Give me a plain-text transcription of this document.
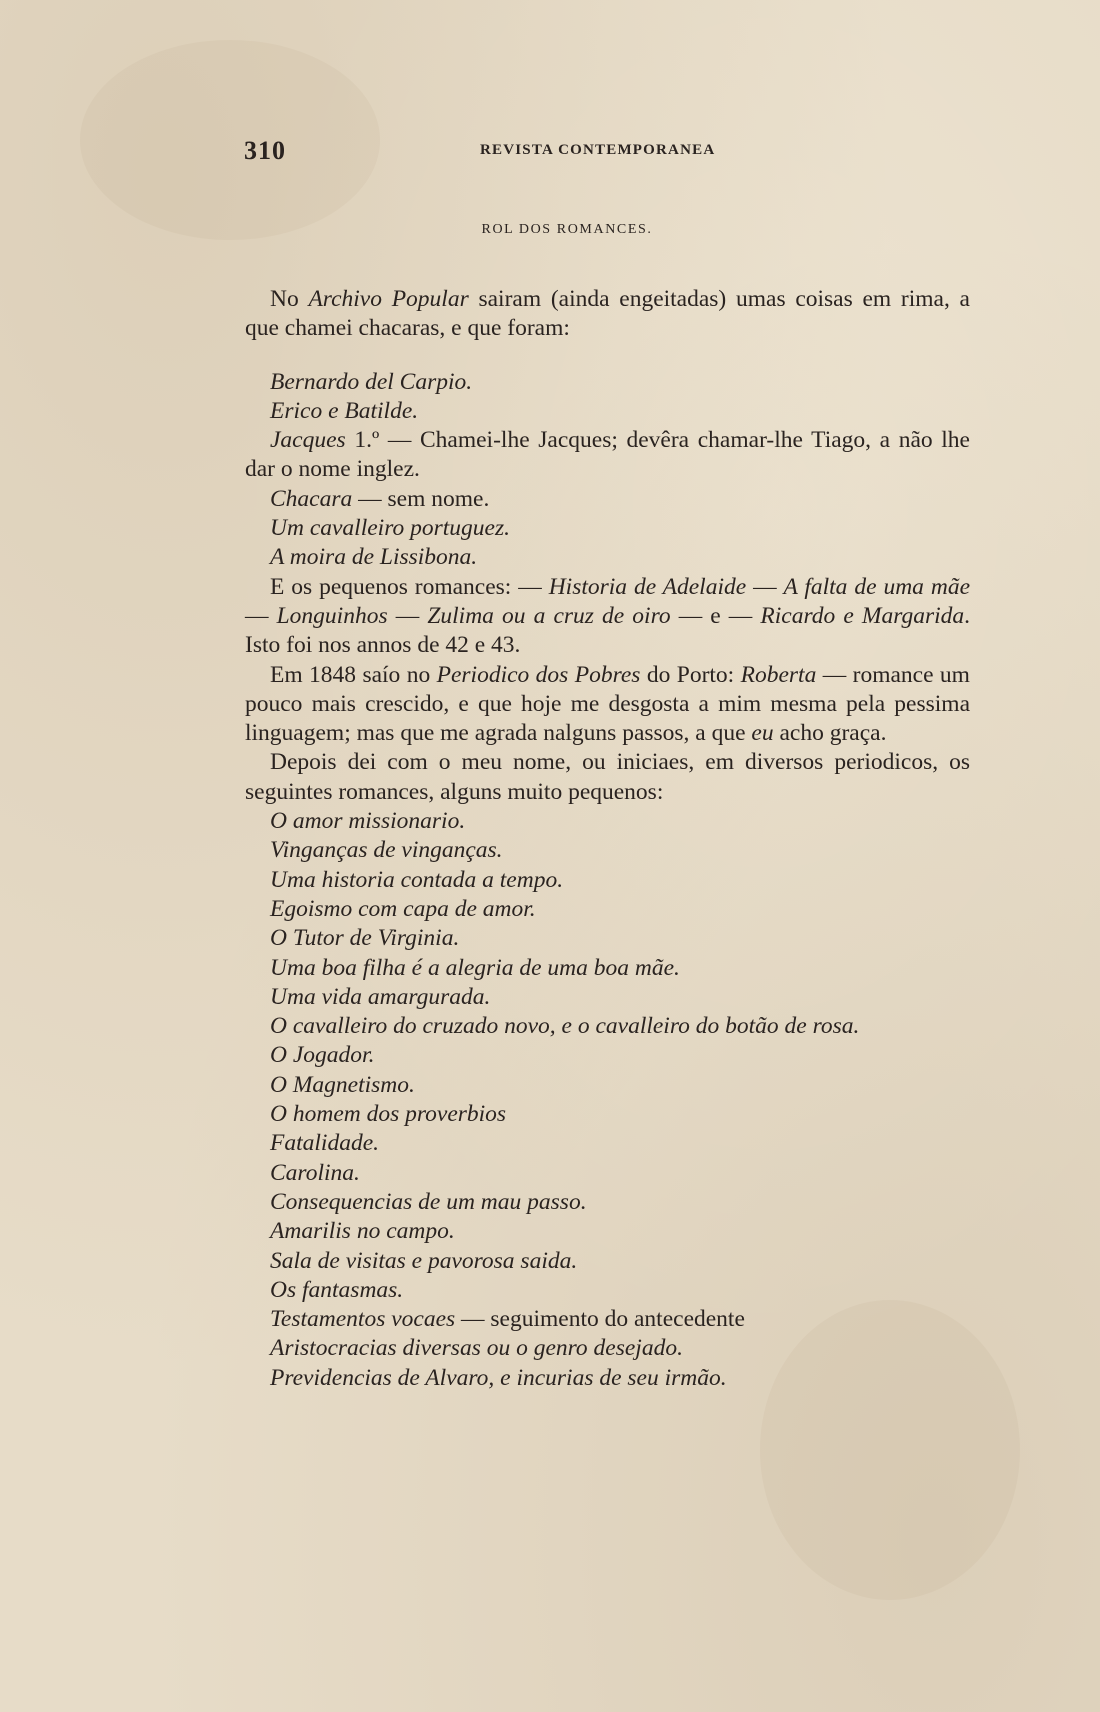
310	REVISTA CONTEMPORANEA
ROL DOS ROMANCES.

No Archivo Popular sairam (ainda engeitadas) umas coisas em rima, a que chamei chacaras, e que foram:

Bernardo del Carpio.

Erico e Batilde.

Jacques 1.º — Chamei-lhe Jacques; devêra chamar-lhe Tiago, a não lhe dar o nome inglez.

Chacara — sem nome.

Um cavalleiro portuguez.

A moira de Lissibona.

E os pequenos romances: — Historia de Adelaide — A falta de uma mãe — Longuinhos — Zulima ou a cruz de oiro — e — Ricardo e Margarida. Isto foi nos annos de 42 e 43.

Em 1848 saío no Periodico dos Pobres do Porto: Roberta — romance um pouco mais crescido, e que hoje me desgosta a mim mesma pela pessima linguagem; mas que me agrada nalguns passos, a que eu acho graça.

Depois dei com o meu nome, ou iniciaes, em diversos periodicos, os seguintes romances, alguns muito pequenos:

O amor missionario.

Vinganças de vinganças.

Uma historia contada a tempo.

Egoismo com capa de amor.

O Tutor de Virginia.

Uma boa filha é a alegria de uma boa mãe.

Uma vida amargurada.

O cavalleiro do cruzado novo, e o cavalleiro do botão de rosa.

O Jogador.

O Magnetismo.

O homem dos proverbios

Fatalidade.

Carolina.

Consequencias de um mau passo.

Amarilis no campo.

Sala de visitas e pavorosa saida.

Os fantasmas.

Testamentos vocaes — seguimento do antecedente

Aristocracias diversas ou o genro desejado.

Previdencias de Alvaro, e incurias de seu irmão.
